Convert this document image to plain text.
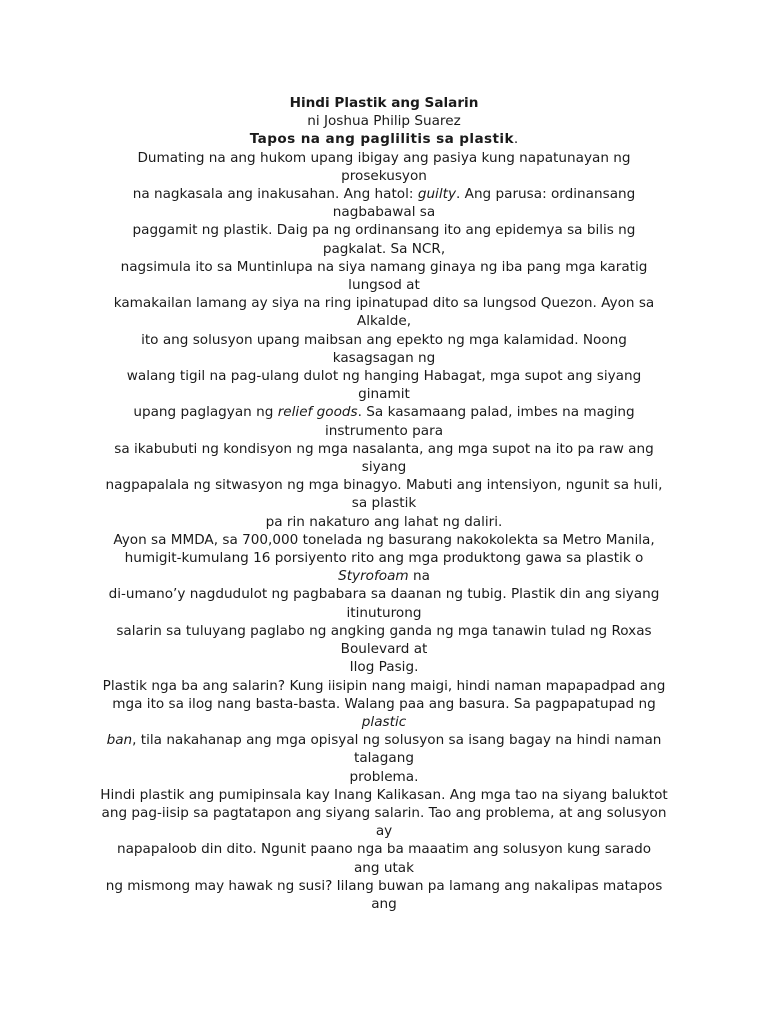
Hindi Plastik ang Salarin
ni Joshua Philip Suarez
Tapos na ang paglilitis sa plastik.
Dumating na ang hukom upang ibigay ang pasiya kung napatunayan ng
prosekusyon
na nagkasala ang inakusahan. Ang hatol: guilty. Ang parusa: ordinansang
nagbabawal sa
paggamit ng plastik. Daig pa ng ordinansang ito ang epidemya sa bilis ng
pagkalat. Sa NCR,
nagsimula ito sa Muntinlupa na siya namang ginaya ng iba pang mga karatig
lungsod at
kamakailan lamang ay siya na ring ipinatupad dito sa lungsod Quezon. Ayon sa
Alkalde,
ito ang solusyon upang maibsan ang epekto ng mga kalamidad. Noong
kasagsagan ng
walang tigil na pag-ulang dulot ng hanging Habagat, mga supot ang siyang
ginamit
upang paglagyan ng relief goods. Sa kasamaang palad, imbes na maging
instrumento para
sa ikabubuti ng kondisyon ng mga nasalanta, ang mga supot na ito pa raw ang
siyang
nagpapalala ng sitwasyon ng mga binagyo. Mabuti ang intensiyon, ngunit sa huli,
sa plastik
pa rin nakaturo ang lahat ng daliri.
Ayon sa MMDA, sa 700,000 tonelada ng basurang nakokolekta sa Metro Manila,
humigit-kumulang 16 porsiyento rito ang mga produktong gawa sa plastik o
Styrofoam na
di-umano’y nagdudulot ng pagbabara sa daanan ng tubig. Plastik din ang siyang
itinuturong
salarin sa tuluyang paglabo ng angking ganda ng mga tanawin tulad ng Roxas
Boulevard at
Ilog Pasig.
Plastik nga ba ang salarin? Kung iisipin nang maigi, hindi naman mapapadpad ang
mga ito sa ilog nang basta-basta. Walang paa ang basura. Sa pagpapatupad ng
plastic
ban, tila nakahanap ang mga opisyal ng solusyon sa isang bagay na hindi naman
talagang
problema.
Hindi plastik ang pumipinsala kay Inang Kalikasan. Ang mga tao na siyang baluktot
ang pag-iisip sa pagtatapon ang siyang salarin. Tao ang problema, at ang solusyon
ay
napapaloob din dito. Ngunit paano nga ba maaatim ang solusyon kung sarado
ang utak
ng mismong may hawak ng susi? Iilang buwan pa lamang ang nakalipas matapos
ang
